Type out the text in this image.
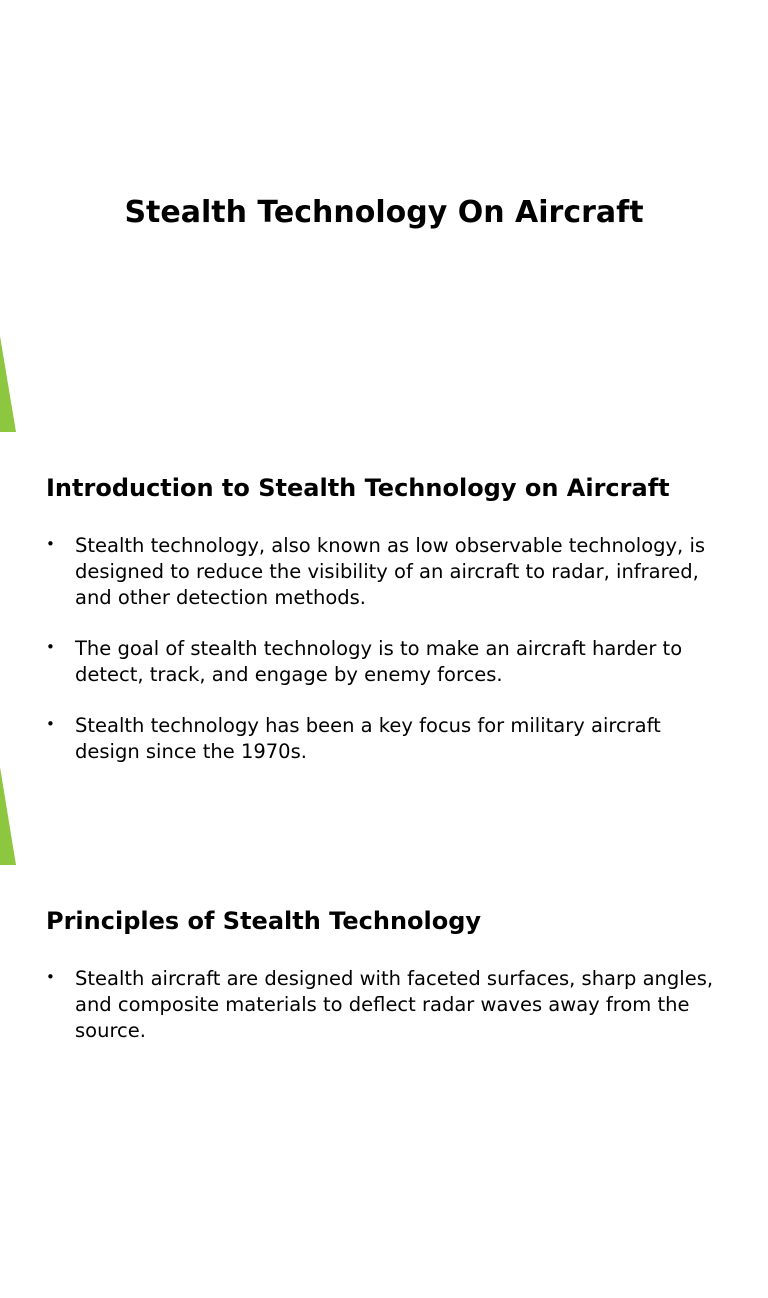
Stealth Technology On Aircraft
Introduction to Stealth Technology on Aircraft
• Stealth technology, also known as low observable technology, is designed to reduce the visibility of an aircraft to radar, infrared, and other detection methods.
• The goal of stealth technology is to make an aircraft harder to detect, track, and engage by enemy forces.
• Stealth technology has been a key focus for military aircraft design since the 1970s.
Principles of Stealth Technology
• Stealth aircraft are designed with faceted surfaces, sharp angles, and composite materials to deflect radar waves away from the source.
